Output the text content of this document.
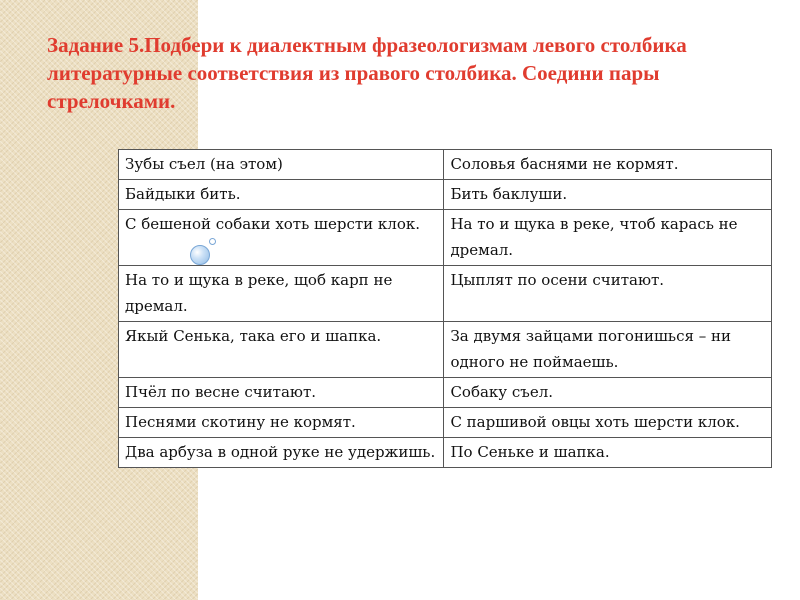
Задание 5.Подбери к диалектным фразеологизмам левого столбика литературные соответствия из правого столбика. Соедини пары стрелочками.
Зубы съел (на этом)	Соловья баснями не кормят.
Байдыки бить.	Бить баклуши.
С бешеной собаки хоть шерсти клок.	На то и щука в реке, чтоб карась не дремал.
На то и щука в реке, щоб карп не дремал.	Цыплят по осени считают.
Якый Сенька, така его и шапка.	За двумя зайцами погонишься – ни одного не поймаешь.
Пчёл по весне считают.	Собаку съел.
Песнями скотину не кормят.	С паршивой овцы хоть шерсти клок.
Два арбуза в одной руке не удержишь.	По Сеньке и шапка.
